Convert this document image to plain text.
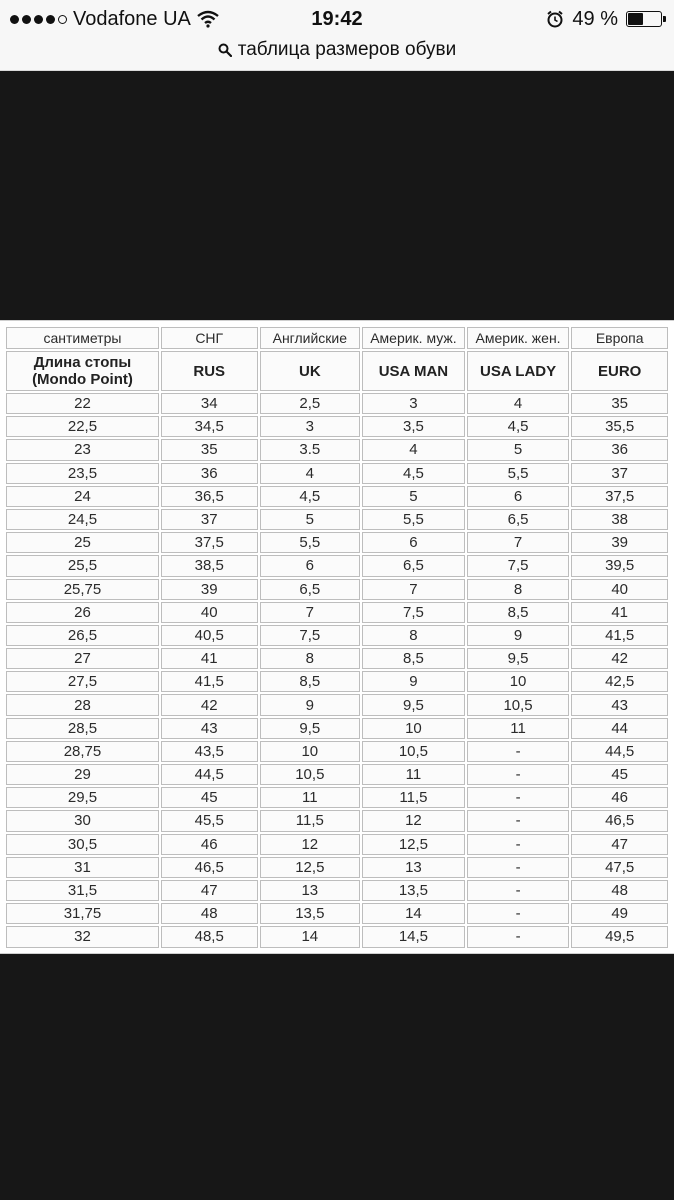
Vodafone UA	19:42	49 %
таблица размеров обуви
сантиметры	СНГ	Английские	Америк. муж.	Америк. жен.	Европа
Длина стопы (Mondo Point)	RUS	UK	USA MAN	USA LADY	EURO
22	34	2,5	3	4	35
22,5	34,5	3	3,5	4,5	35,5
23	35	3.5	4	5	36
23,5	36	4	4,5	5,5	37
24	36,5	4,5	5	6	37,5
24,5	37	5	5,5	6,5	38
25	37,5	5,5	6	7	39
25,5	38,5	6	6,5	7,5	39,5
25,75	39	6,5	7	8	40
26	40	7	7,5	8,5	41
26,5	40,5	7,5	8	9	41,5
27	41	8	8,5	9,5	42
27,5	41,5	8,5	9	10	42,5
28	42	9	9,5	10,5	43
28,5	43	9,5	10	11	44
28,75	43,5	10	10,5	-	44,5
29	44,5	10,5	11	-	45
29,5	45	11	11,5	-	46
30	45,5	11,5	12	-	46,5
30,5	46	12	12,5	-	47
31	46,5	12,5	13	-	47,5
31,5	47	13	13,5	-	48
31,75	48	13,5	14	-	49
32	48,5	14	14,5	-	49,5
